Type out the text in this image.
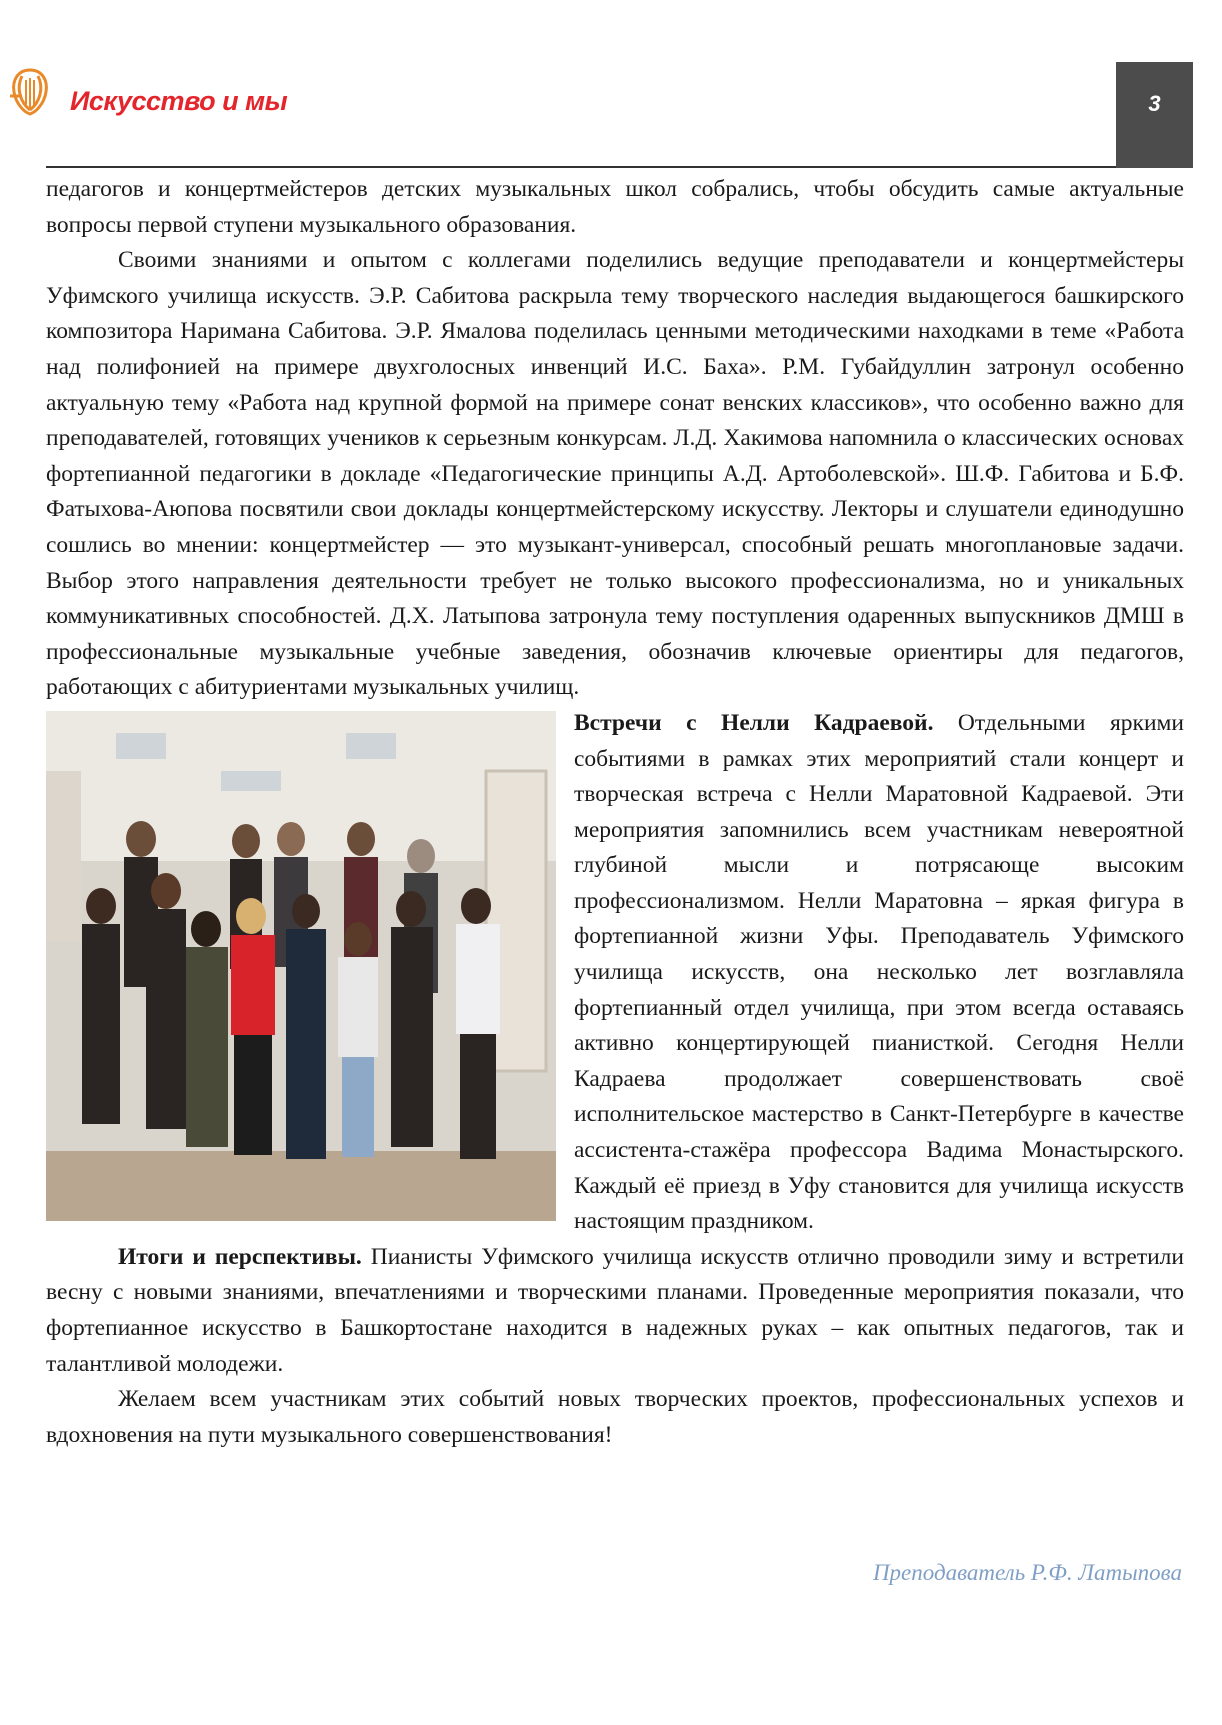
Искусство и мы	3

педагогов и концертмейстеров детских музыкальных школ собрались, чтобы обсудить самые актуальные вопросы первой ступени музыкального образования.

Своими знаниями и опытом с коллегами поделились ведущие преподаватели и концертмейстеры Уфимского училища искусств. Э.Р. Сабитова раскрыла тему творческого наследия выдающегося башкирского композитора Наримана Сабитова. Э.Р. Ямалова поделилась ценными методическими находками в теме «Работа над полифонией на примере двухголосных инвенций И.С. Баха». Р.М. Губайдуллин затронул особенно актуальную тему «Работа над крупной формой на примере сонат венских классиков», что особенно важно для преподавателей, готовящих учеников к серьезным конкурсам. Л.Д. Хакимова напомнила о классических основах фортепианной педагогики в докладе «Педагогические принципы А.Д. Артоболевской». Ш.Ф. Габитова и Б.Ф. Фатыхова-Аюпова посвятили свои доклады концертмейстерскому искусству. Лекторы и слушатели единодушно сошлись во мнении: концертмейстер — это музыкант-универсал, способный решать многоплановые задачи. Выбор этого направления деятельности требует не только высокого профессионализма, но и уникальных коммуникативных способностей. Д.Х. Латыпова затронула тему поступления одаренных выпускников ДМШ в профессиональные музыкальные учебные заведения, обозначив ключевые ориентиры для педагогов, работающих с абитуриентами музыкальных училищ.

Встречи с Нелли Кадраевой. Отдельными яркими событиями в рамках этих мероприятий стали концерт и творческая встреча с Нелли Маратовной Кадраевой. Эти мероприятия запомнились всем участникам невероятной глубиной мысли и потрясающе высоким профессионализмом. Нелли Маратовна – яркая фигура в фортепианной жизни Уфы. Преподаватель Уфимского училища искусств, она несколько лет возглавляла фортепианный отдел училища, при этом всегда оставаясь активно концертирующей пианисткой. Сегодня Нелли Кадраева продолжает совершенствовать своё исполнительское мастерство в Санкт-Петербурге в качестве ассистента-стажёра профессора Вадима Монастырского. Каждый её приезд в Уфу становится для училища искусств настоящим праздником.

Итоги и перспективы. Пианисты Уфимского училища искусств отлично проводили зиму и встретили весну с новыми знаниями, впечатлениями и творческими планами. Проведенные мероприятия показали, что фортепианное искусство в Башкортостане находится в надежных руках – как опытных педагогов, так и талантливой молодежи.

Желаем всем участникам этих событий новых творческих проектов, профессиональных успехов и вдохновения на пути музыкального совершенствования!

Преподаватель Р.Ф. Латыпова
